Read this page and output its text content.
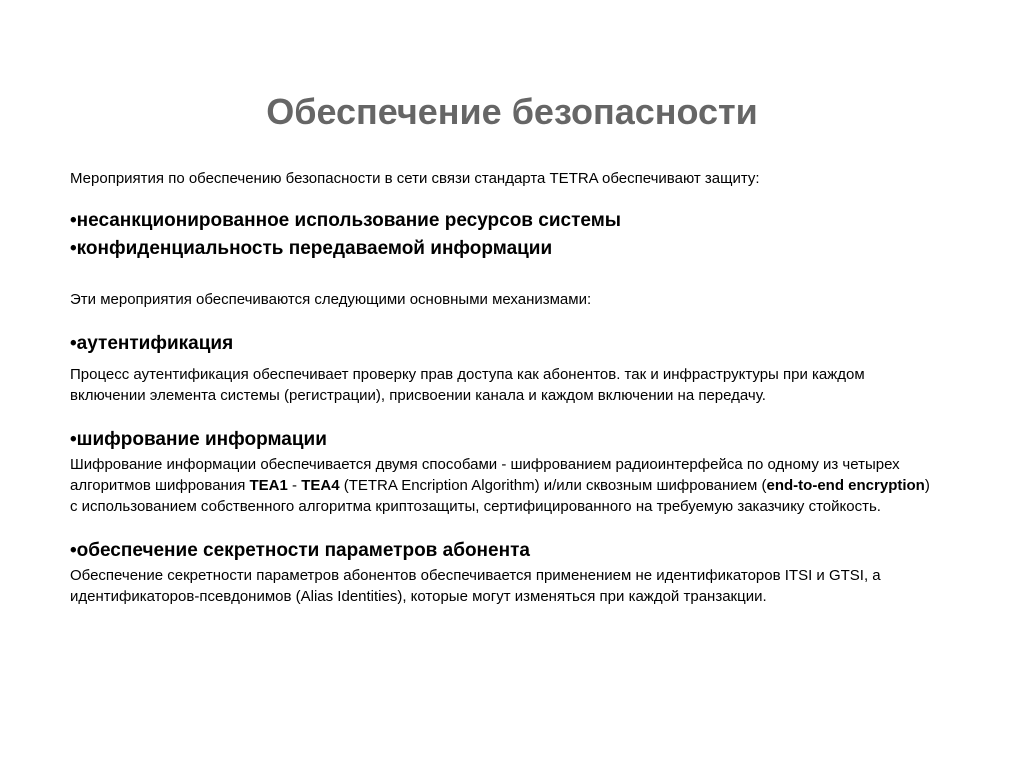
Обеспечение безопасности

Мероприятия по обеспечению безопасности в сети связи стандарта TETRA обеспечивают защиту:

•несанкционированное использование ресурсов системы

•конфиденциальность передаваемой информации

Эти мероприятия обеспечиваются следующими основными механизмами:

•аутентификация

Процесс аутентификация обеспечивает проверку прав доступа как абонентов. так и инфраструктуры при каждом включении элемента системы (регистрации), присвоении канала и каждом включении на передачу.

•шифрование информации

Шифрование информации обеспечивается двумя способами - шифрованием радиоинтерфейса по одному из четырех алгоритмов шифрования TEA1 - TEA4 (TETRA Encription Algorithm) и/или сквозным шифрованием (end-to-end encryption) с использованием собственного алгоритма криптозащиты, сертифицированного на требуемую заказчику стойкость.

•обеспечение секретности параметров абонента

Обеспечение секретности параметров абонентов обеспечивается применением не идентификаторов ITSI и GTSI, а идентификаторов-псевдонимов (Alias Identities), которые могут изменяться при каждой транзакции.
